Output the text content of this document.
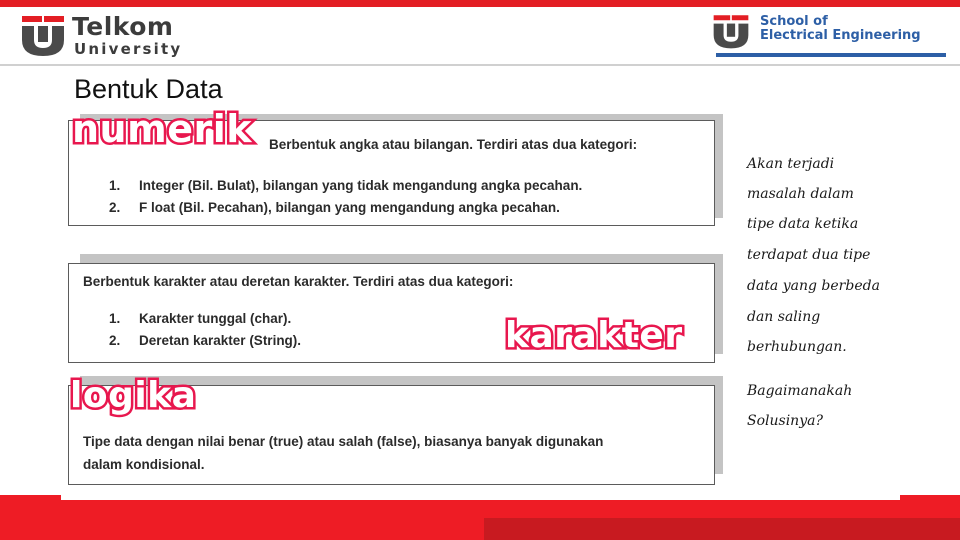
Telkom
University
School of
Electrical Engineering
Bentuk Data
Berbentuk angka atau bilangan. Terdiri atas dua kategori:
1. Integer (Bil. Bulat), bilangan yang tidak mengandung angka pecahan.
2. F loat (Bil. Pecahan), bilangan yang mengandung angka pecahan.
numerik
Berbentuk karakter atau deretan karakter. Terdiri atas dua kategori:
1. Karakter tunggal (char).
2. Deretan karakter (String).	karakter
Tipe data dengan nilai benar (true) atau salah (false), biasanya banyak digunakan
dalam kondisional.
logika
Akan terjadi
masalah dalam
tipe data ketika
terdapat dua tipe
data yang berbeda
dan saling
berhubungan.
Bagaimanakah
Solusinya?
